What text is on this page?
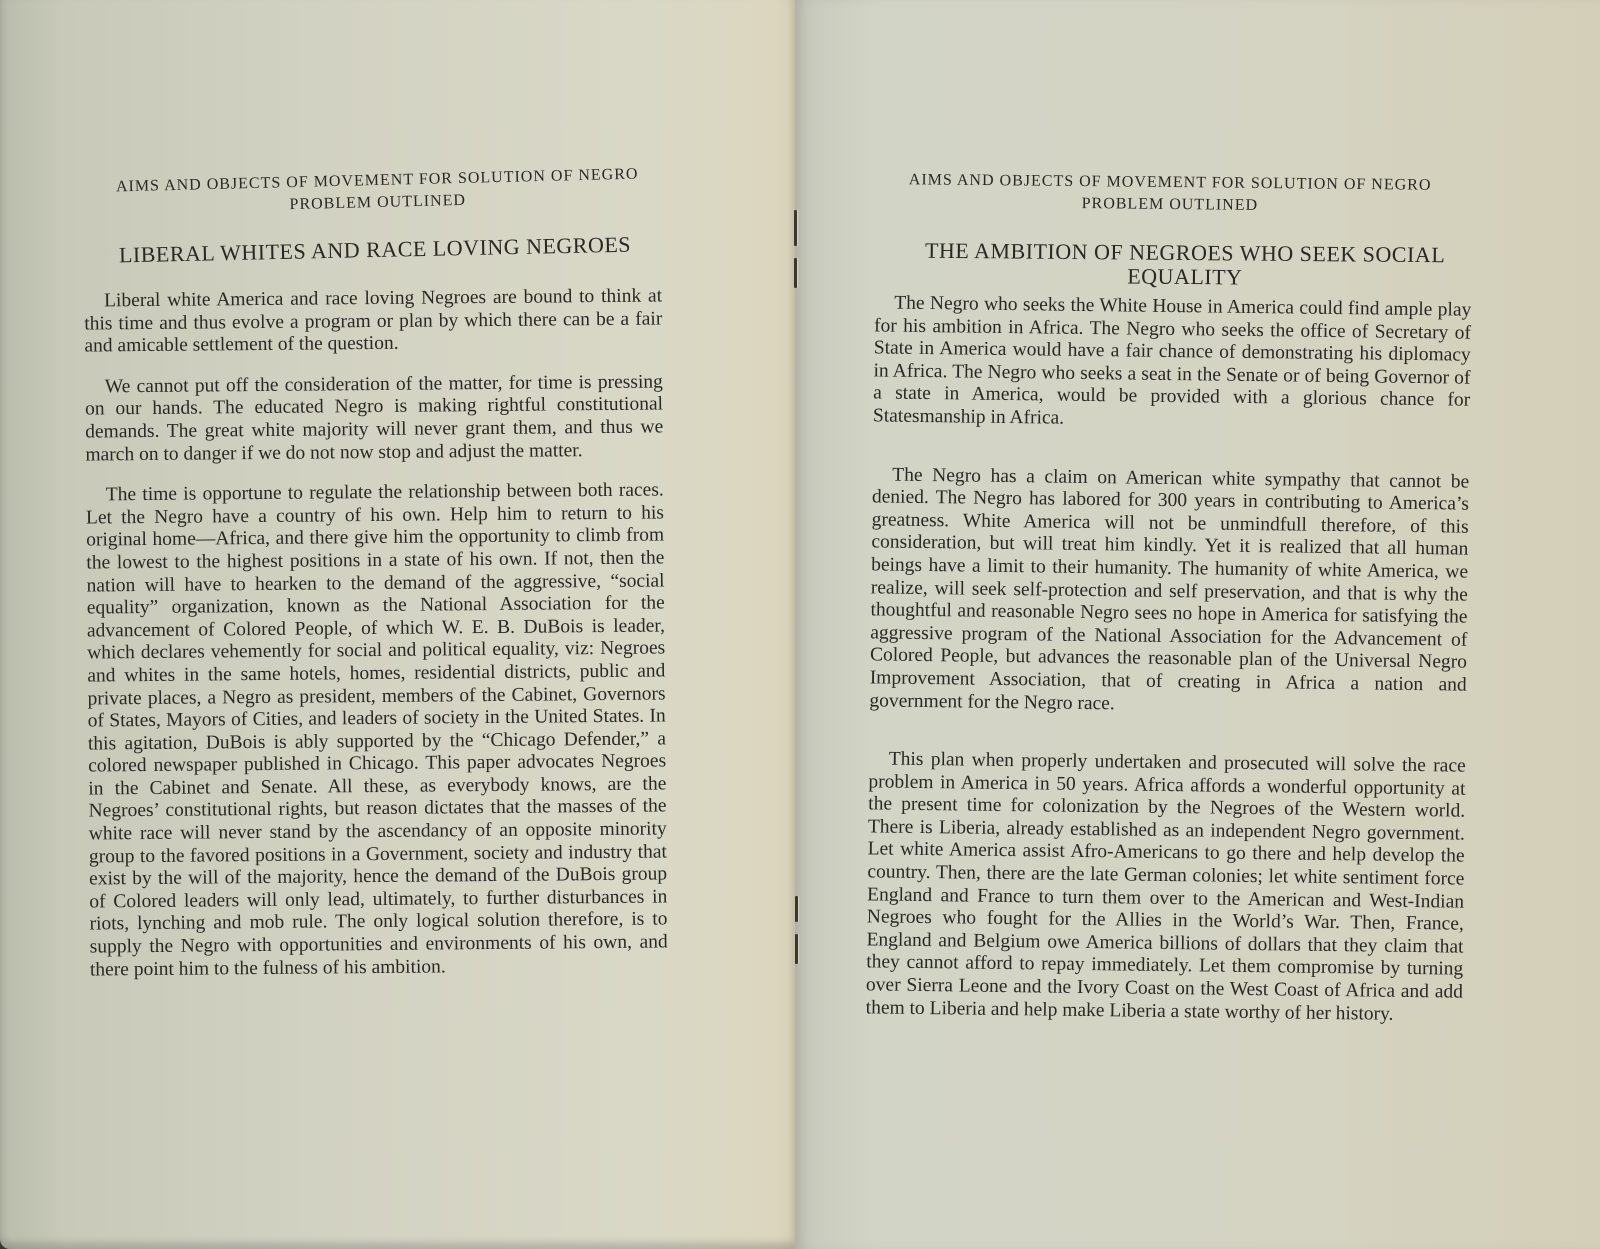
AIMS AND OBJECTS OF MOVEMENT FOR SOLUTION OF NEGRO PROBLEM OUTLINED
LIBERAL WHITES AND RACE LOVING NEGROES

Liberal white America and race loving Negroes are bound to think at this time and thus evolve a program or plan by which there can be a fair and amicable settlement of the question.

We cannot put off the consideration of the matter, for time is pressing on our hands. The educated Negro is making rightful constitutional demands. The great white majority will never grant them, and thus we march on to danger if we do not now stop and adjust the matter.

The time is opportune to regulate the relationship between both races. Let the Negro have a country of his own. Help him to return to his original home—Africa, and there give him the opportunity to climb from the lowest to the highest positions in a state of his own. If not, then the nation will have to hearken to the demand of the aggressive, “social equality” organization, known as the National Association for the advancement of Colored People, of which W. E. B. DuBois is leader, which declares vehemently for social and political equality, viz: Negroes and whites in the same hotels, homes, residential districts, public and private places, a Negro as president, members of the Cabinet, Governors of States, Mayors of Cities, and leaders of society in the United States. In this agitation, DuBois is ably supported by the “Chicago Defender,” a colored newspaper published in Chicago. This paper advocates Negroes in the Cabinet and Senate. All these, as everybody knows, are the Negroes’ constitutional rights, but reason dictates that the masses of the white race will never stand by the ascendancy of an opposite minority group to the favored positions in a Government, society and industry that exist by the will of the majority, hence the demand of the DuBois group of Colored leaders will only lead, ultimately, to further disturbances in riots, lynching and mob rule. The only logical solution therefore, is to supply the Negro with opportunities and environments of his own, and there point him to the fulness of his ambition.

AIMS AND OBJECTS OF MOVEMENT FOR SOLUTION OF NEGRO PROBLEM OUTLINED
THE AMBITION OF NEGROES WHO SEEK SOCIAL EQUALITY

The Negro who seeks the White House in America could find ample play for his ambition in Africa. The Negro who seeks the office of Secretary of State in America would have a fair chance of demonstrating his diplomacy in Africa. The Negro who seeks a seat in the Senate or of being Governor of a state in America, would be provided with a glorious chance for Statesmanship in Africa.

The Negro has a claim on American white sympathy that cannot be denied. The Negro has labored for 300 years in contributing to America’s greatness. White America will not be unmindfull therefore, of this consideration, but will treat him kindly. Yet it is realized that all human beings have a limit to their humanity. The humanity of white America, we realize, will seek self-protection and self preservation, and that is why the thoughtful and reasonable Negro sees no hope in America for satisfying the aggressive program of the National Association for the Advancement of Colored People, but advances the reasonable plan of the Universal Negro Improvement Association, that of creating in Africa a nation and government for the Negro race.

This plan when properly undertaken and prosecuted will solve the race problem in America in 50 years. Africa affords a wonderful opportunity at the present time for colonization by the Negroes of the Western world. There is Liberia, already established as an independent Negro government. Let white America assist Afro-Americans to go there and help develop the country. Then, there are the late German colonies; let white sentiment force England and France to turn them over to the American and West-Indian Negroes who fought for the Allies in the World’s War. Then, France, England and Belgium owe America billions of dollars that they claim that they cannot afford to repay immediately. Let them compromise by turning over Sierra Leone and the Ivory Coast on the West Coast of Africa and add them to Liberia and help make Liberia a state worthy of her history.
